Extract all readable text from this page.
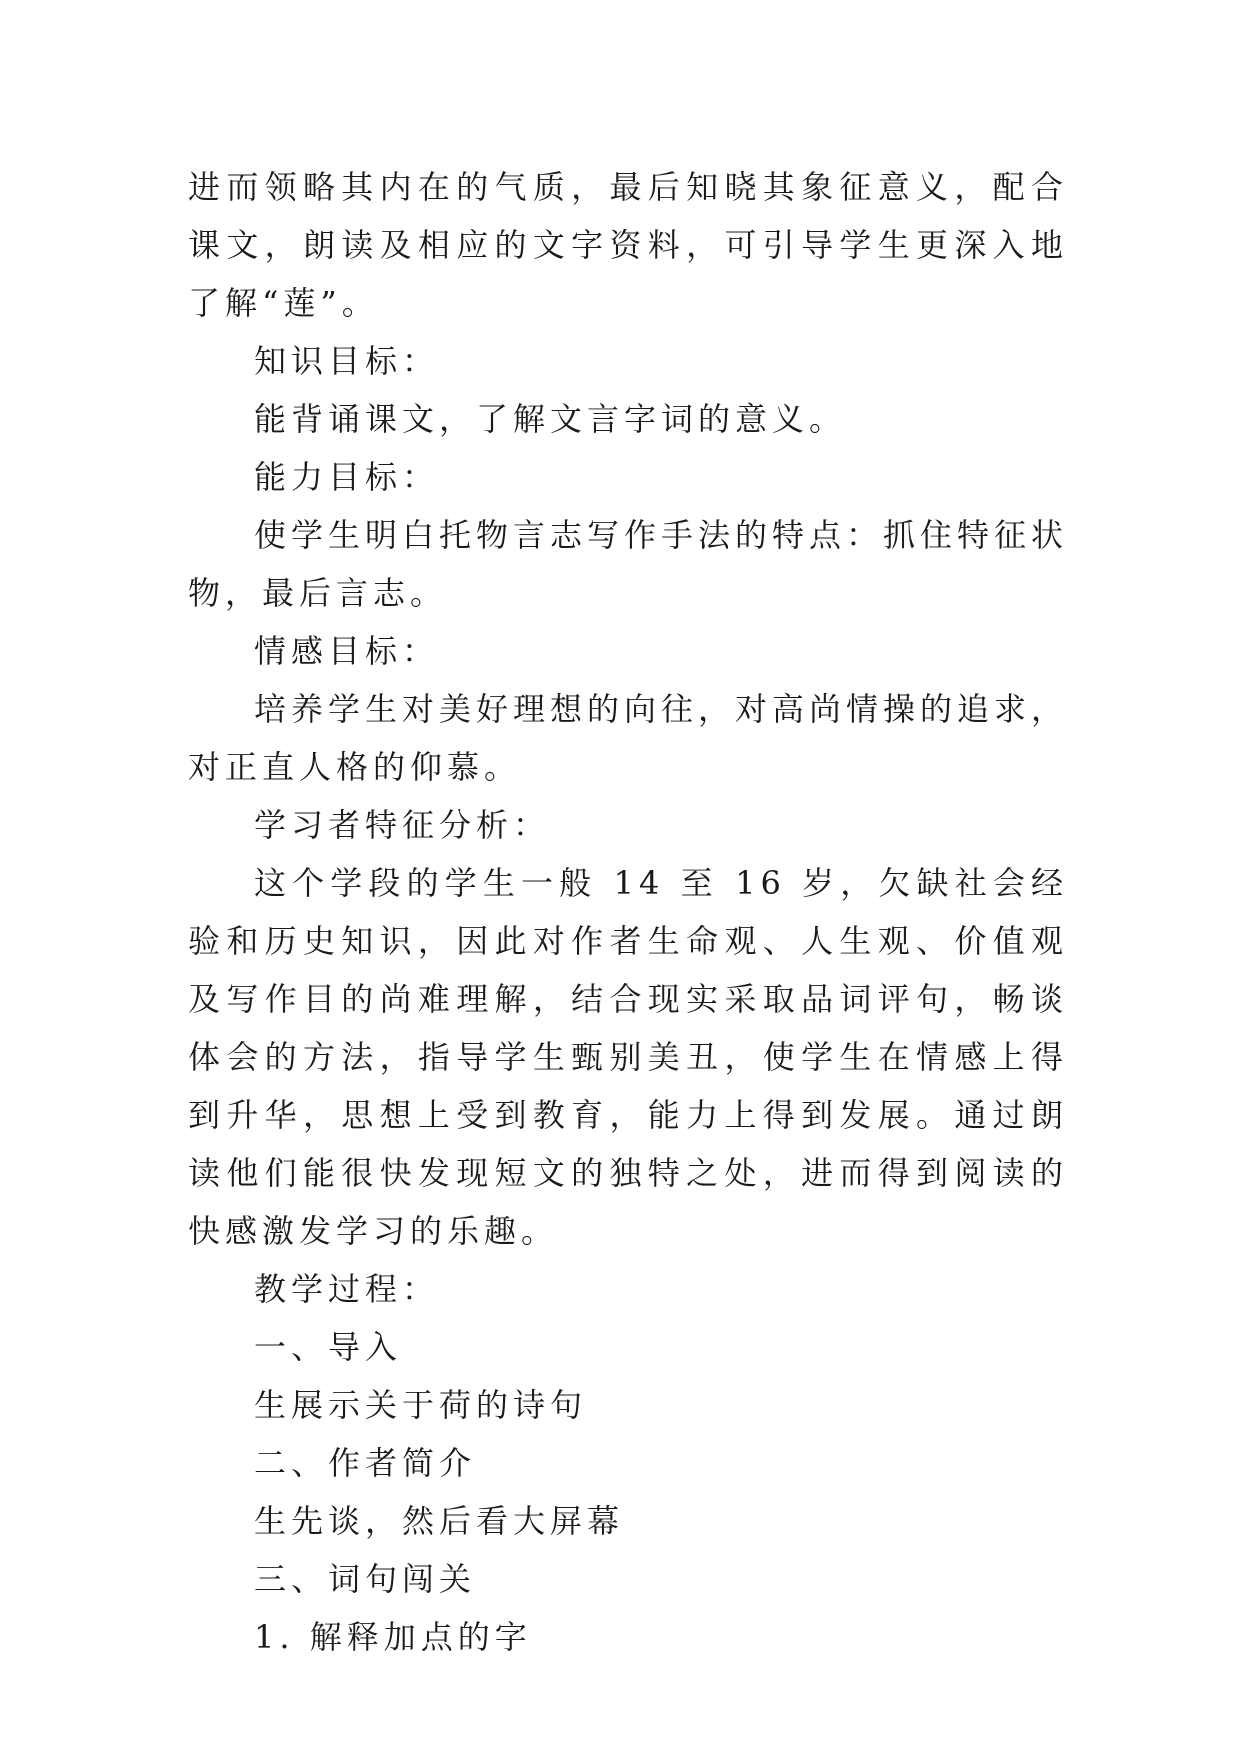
进而领略其内在的气质，最后知晓其象征意义，配合课文，朗读及相应的文字资料，可引导学生更深入地了解“莲”。

知识目标：

能背诵课文，了解文言字词的意义。

能力目标：

使学生明白托物言志写作手法的特点：抓住特征状物，最后言志。

情感目标：

培养学生对美好理想的向往，对高尚情操的追求，对正直人格的仰慕。

学习者特征分析：

这个学段的学生一般 14 至 16 岁，欠缺社会经验和历史知识，因此对作者生命观、人生观、价值观及写作目的尚难理解，结合现实采取品词评句，畅谈体会的方法，指导学生甄别美丑，使学生在情感上得到升华，思想上受到教育，能力上得到发展。通过朗读他们能很快发现短文的独特之处，进而得到阅读的快感激发学习的乐趣。

教学过程：

一、导入

生展示关于荷的诗句

二、作者简介

生先谈，然后看大屏幕

三、词句闯关

1. 解释加点的字
